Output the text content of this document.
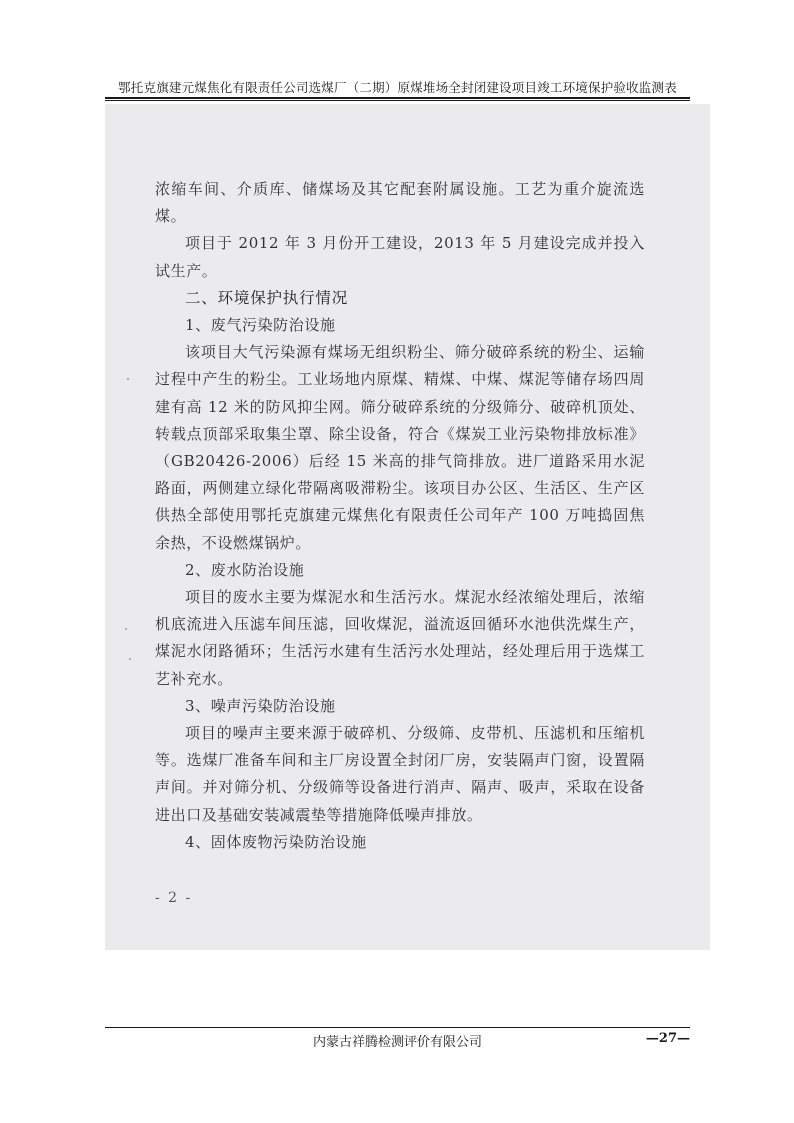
鄂托克旗建元煤焦化有限责任公司选煤厂（二期）原煤堆场全封闭建设项目竣工环境保护验收监测表

浓缩车间、介质库、储煤场及其它配套附属设施。工艺为重介旋流选煤。

项目于 2012 年 3 月份开工建设，2013 年 5 月建设完成并投入试生产。

二、环境保护执行情况

1、废气污染防治设施

该项目大气污染源有煤场无组织粉尘、筛分破碎系统的粉尘、运输过程中产生的粉尘。工业场地内原煤、精煤、中煤、煤泥等储存场四周建有高 12 米的防风抑尘网。筛分破碎系统的分级筛分、破碎机顶处、转载点顶部采取集尘罩、除尘设备，符合《煤炭工业污染物排放标准》（GB20426-2006）后经 15 米高的排气筒排放。进厂道路采用水泥路面，两侧建立绿化带隔离吸滞粉尘。该项目办公区、生活区、生产区供热全部使用鄂托克旗建元煤焦化有限责任公司年产 100 万吨捣固焦余热，不设燃煤锅炉。

2、废水防治设施

项目的废水主要为煤泥水和生活污水。煤泥水经浓缩处理后，浓缩机底流进入压滤车间压滤，回收煤泥，溢流返回循环水池供洗煤生产，煤泥水闭路循环；生活污水建有生活污水处理站，经处理后用于选煤工艺补充水。

3、噪声污染防治设施

项目的噪声主要来源于破碎机、分级筛、皮带机、压滤机和压缩机等。选煤厂准备车间和主厂房设置全封闭厂房，安装隔声门窗，设置隔声间。并对筛分机、分级筛等设备进行消声、隔声、吸声，采取在设备进出口及基础安装减震垫等措施降低噪声排放。

4、固体废物污染防治设施

- 2 -
内蒙古祥腾检测评价有限公司	—27—
